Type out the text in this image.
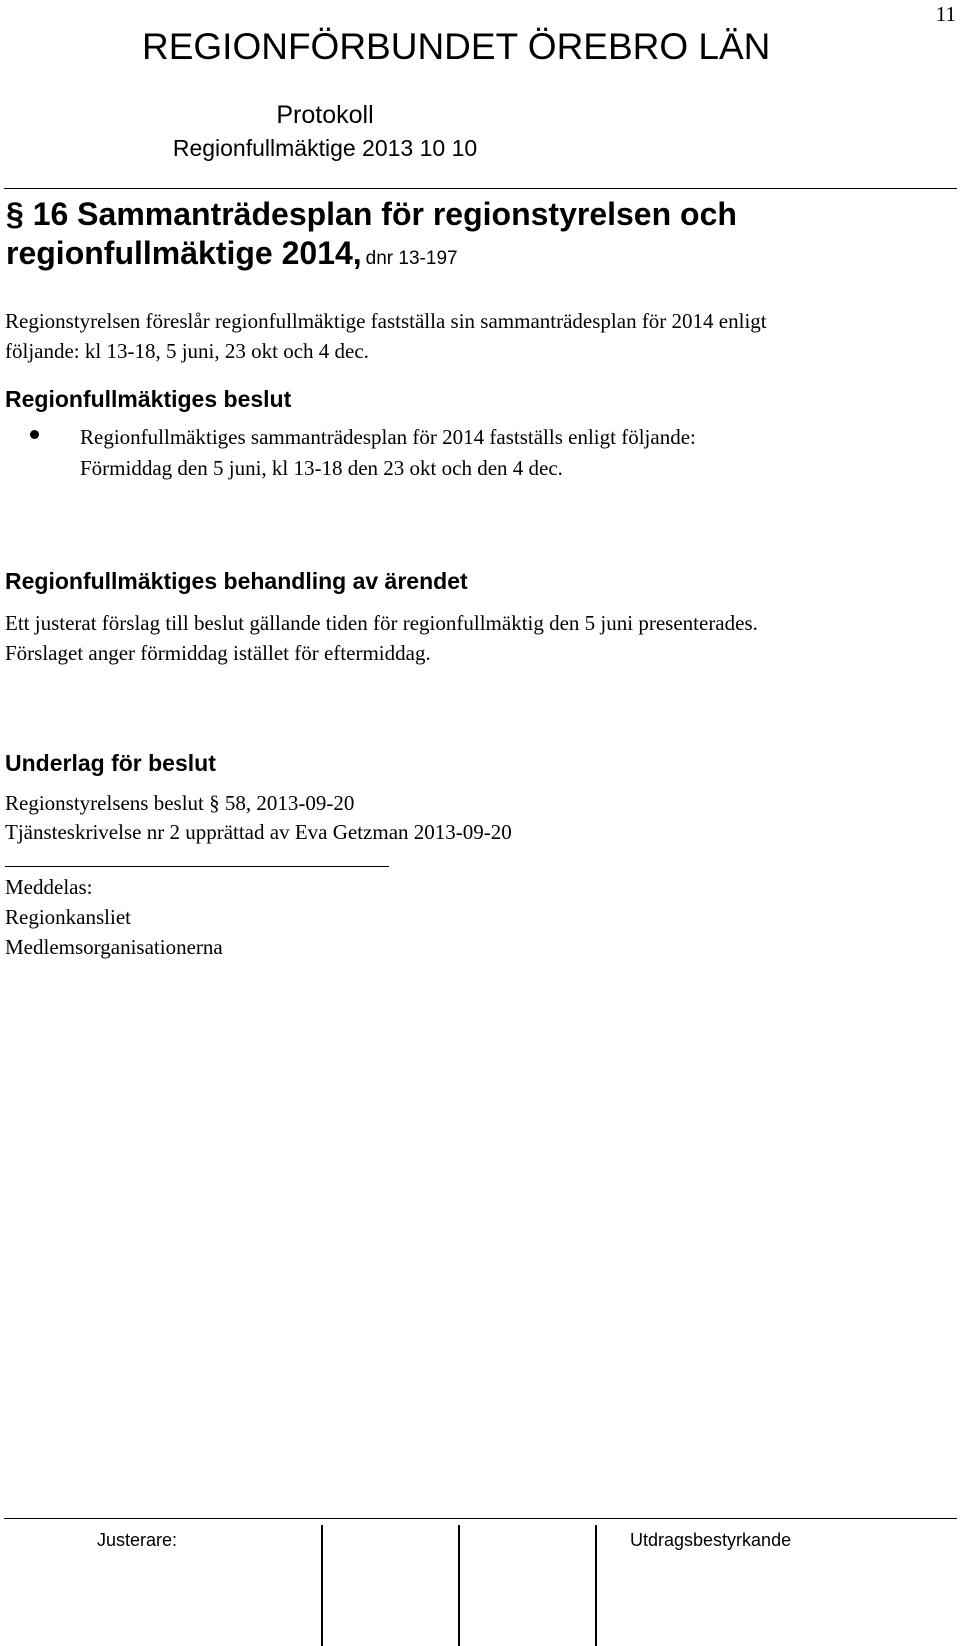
11
REGIONFÖRBUNDET ÖREBRO LÄN
Protokoll
Regionfullmäktige 2013 10 10
§ 16 Sammanträdesplan för regionstyrelsen och
regionfullmäktige 2014, dnr 13-197
Regionstyrelsen föreslår regionfullmäktige fastställa sin sammanträdesplan för 2014 enligt
följande: kl 13-18, 5 juni, 23 okt och 4 dec.
Regionfullmäktiges beslut
Regionfullmäktiges sammanträdesplan för 2014 fastställs enligt följande:
Förmiddag den 5 juni, kl 13-18 den 23 okt och den 4 dec.
Regionfullmäktiges behandling av ärendet
Ett justerat förslag till beslut gällande tiden för regionfullmäktig den 5 juni presenterades.
Förslaget anger förmiddag istället för eftermiddag.
Underlag för beslut
Regionstyrelsens beslut § 58, 2013-09-20
Tjänsteskrivelse nr 2 upprättad av Eva Getzman 2013-09-20
Meddelas:
Regionkansliet
Medlemsorganisationerna
Justerare:	Utdragsbestyrkande
